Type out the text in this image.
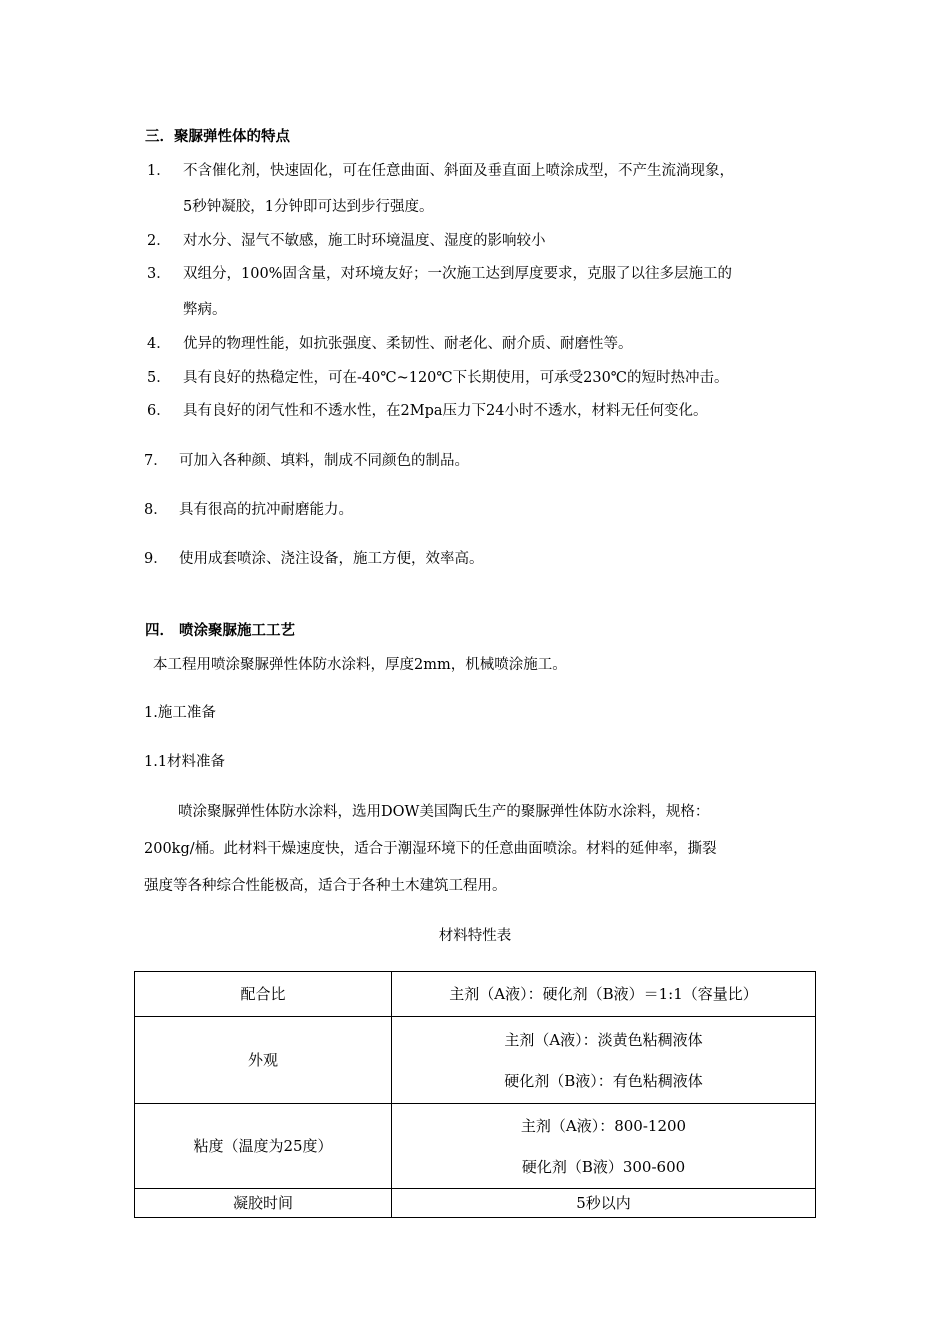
三．聚脲弹性体的特点
1． 不含催化剂，快速固化，可在任意曲面、斜面及垂直面上喷涂成型，不产生流淌现象，
5秒钟凝胶，1分钟即可达到步行强度。
2． 对水分、湿气不敏感，施工时环境温度、湿度的影响较小
3． 双组分，100%固含量，对环境友好；一次施工达到厚度要求，克服了以往多层施工的
弊病。
4． 优异的物理性能，如抗张强度、柔韧性、耐老化、耐介质、耐磨性等。
5． 具有良好的热稳定性，可在-40℃~120℃下长期使用，可承受230℃的短时热冲击。
6． 具有良好的闭气性和不透水性，在2Mpa压力下24小时不透水，材料无任何变化。
7． 可加入各种颜、填料，制成不同颜色的制品。
8． 具有很高的抗冲耐磨能力。
9． 使用成套喷涂、浇注设备，施工方便，效率高。
四． 喷涂聚脲施工工艺
本工程用喷涂聚脲弹性体防水涂料，厚度2mm，机械喷涂施工。
1.施工准备
1.1材料准备
喷涂聚脲弹性体防水涂料，选用DOW美国陶氏生产的聚脲弹性体防水涂料，规格：
200kg/桶。此材料干燥速度快，适合于潮湿环境下的任意曲面喷涂。材料的延伸率，撕裂
强度等各种综合性能极高，适合于各种土木建筑工程用。
材料特性表
配合比	主剂（A液）：硬化剂（B液）＝1:1（容量比）

外观	主剂（A液）：淡黄色粘稠液体
硬化剂（B液）：有色粘稠液体

粘度（温度为25度）	主剂（A液）：800-1200
硬化剂（B液）300-600

凝胶时间	5秒以内
